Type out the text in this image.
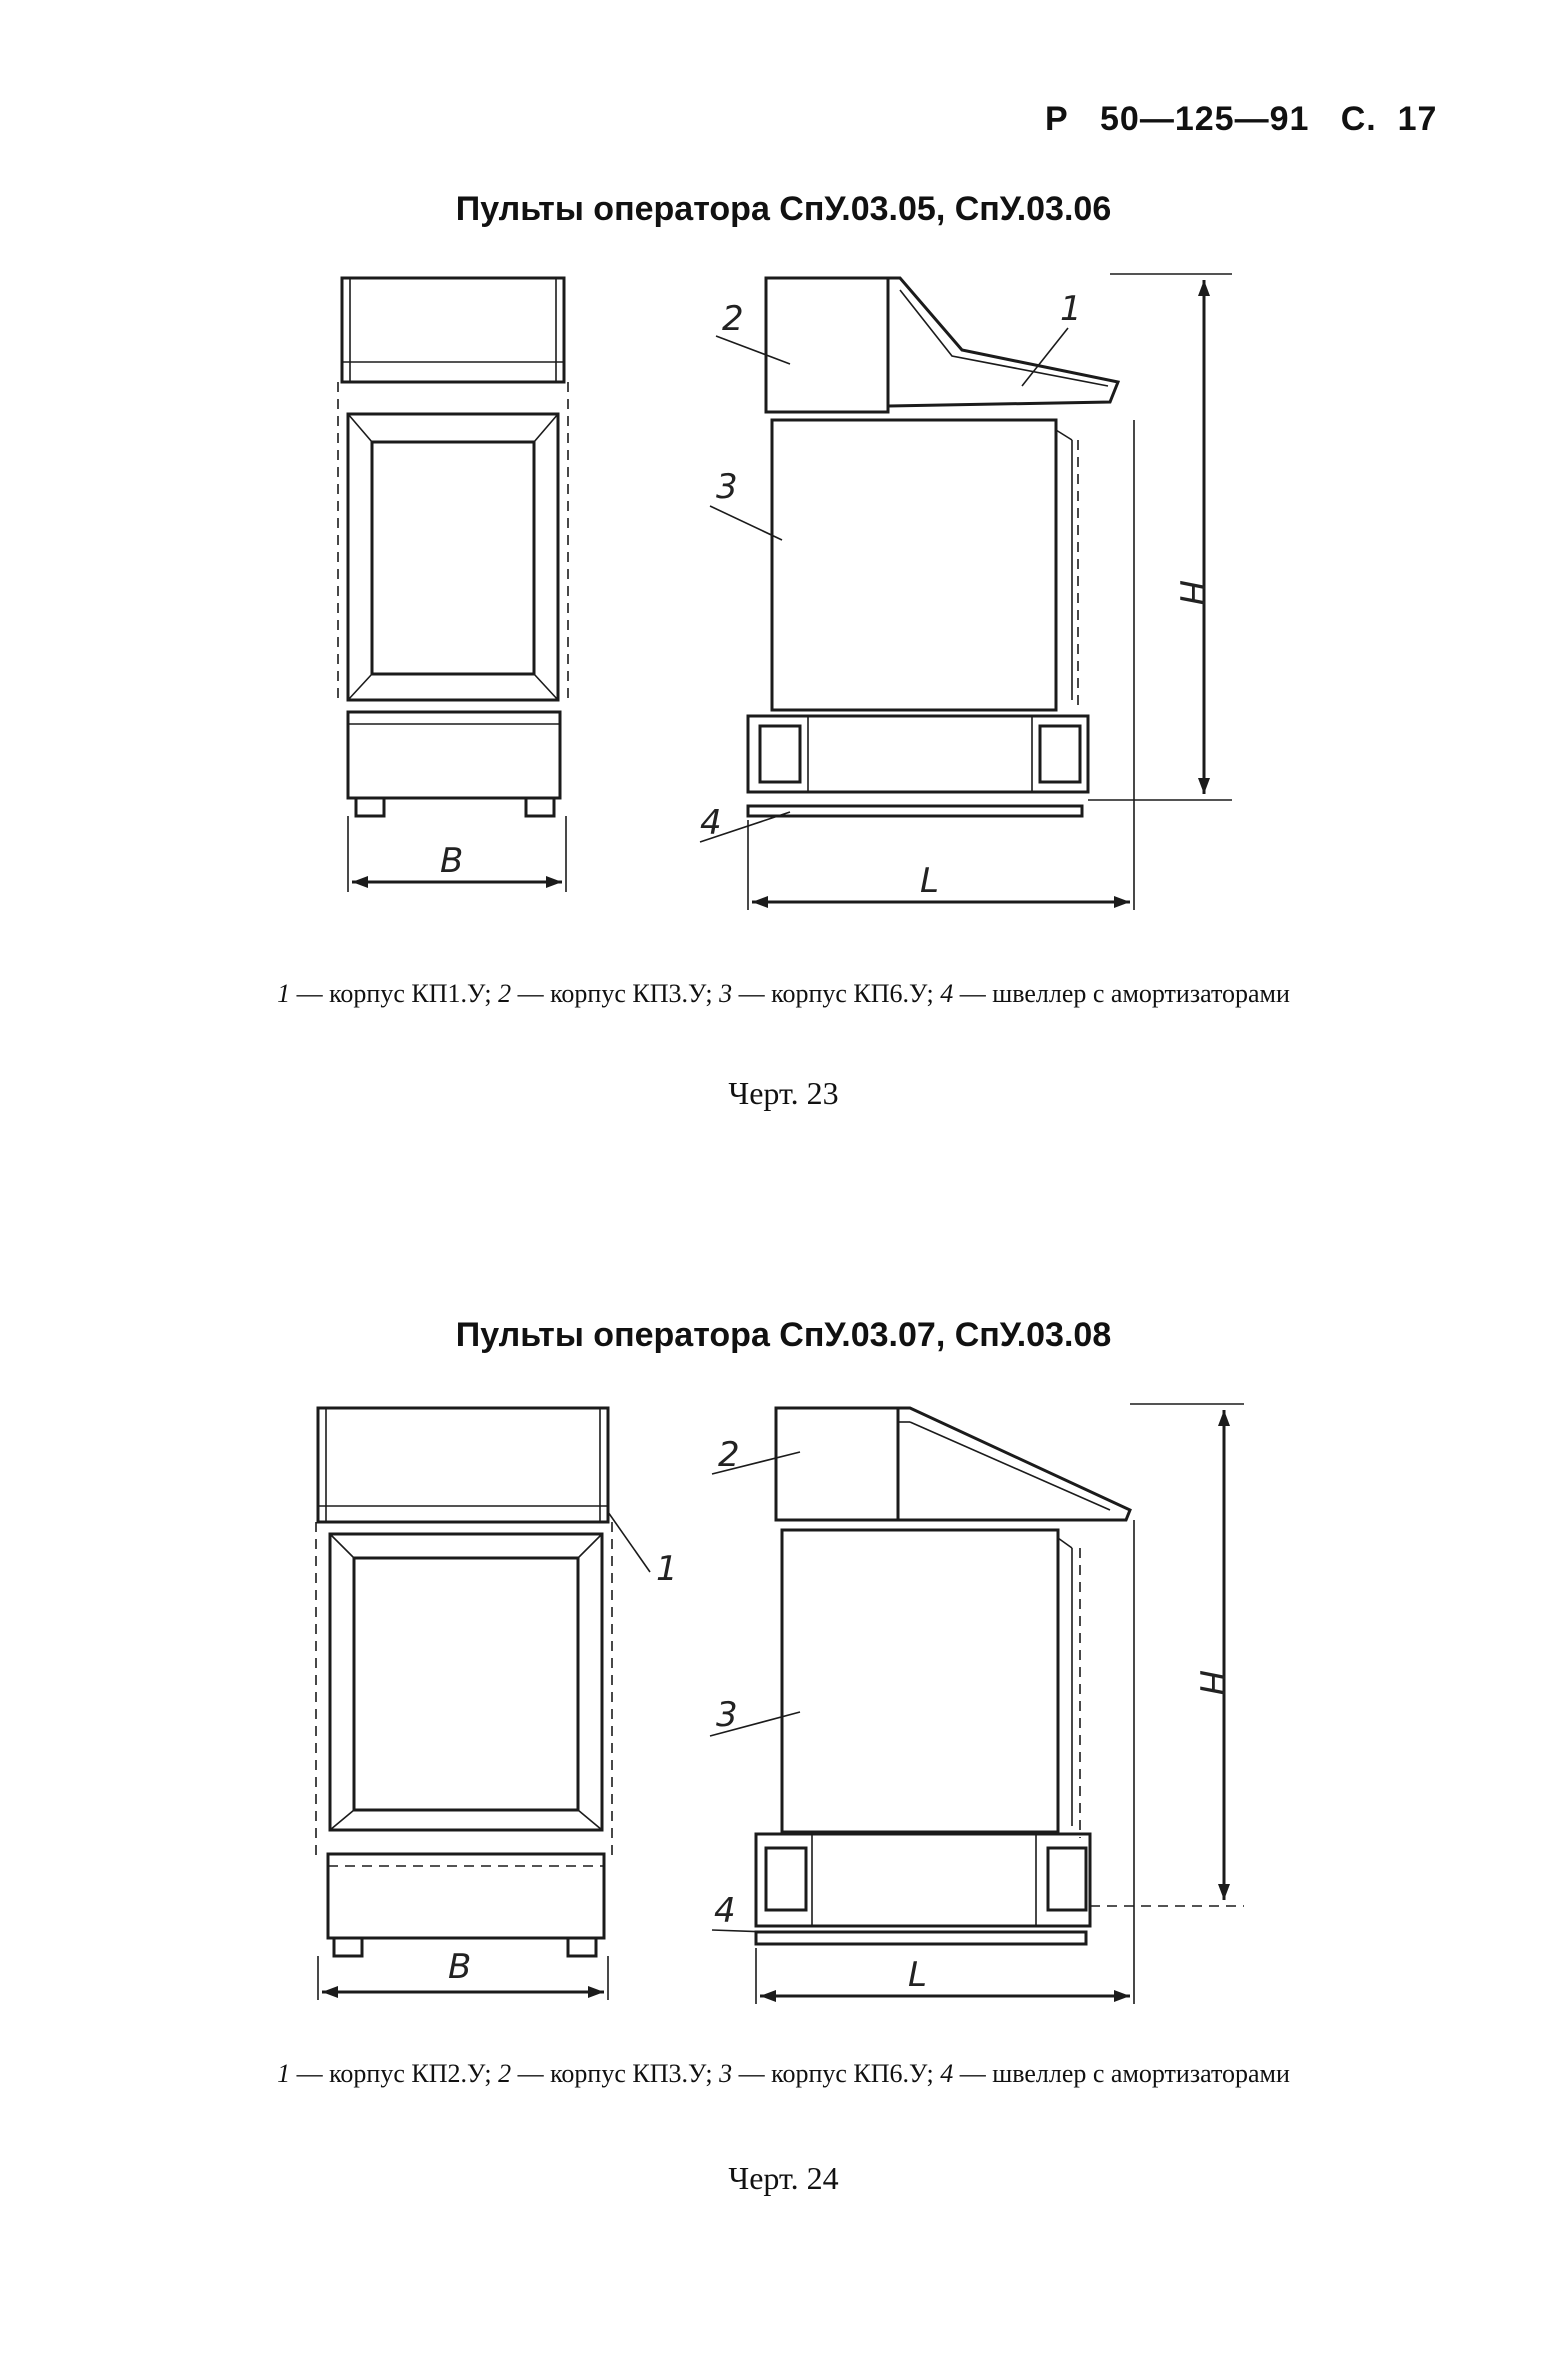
Р   50—125—91   С.  17
Пульты оператора СпУ.03.05, СпУ.03.06
B
H
L
2	1
3
4
1 — корпус КП1.У; 2 — корпус КП3.У; 3 — корпус КП6.У; 4 — швеллер с амортизаторами
Черт. 23
Пульты оператора СпУ.03.07, СпУ.03.08
B
1
H
L
2
3
4
1 — корпус КП2.У; 2 — корпус КП3.У; 3 — корпус КП6.У; 4 — швеллер с амортизаторами
Черт. 24
